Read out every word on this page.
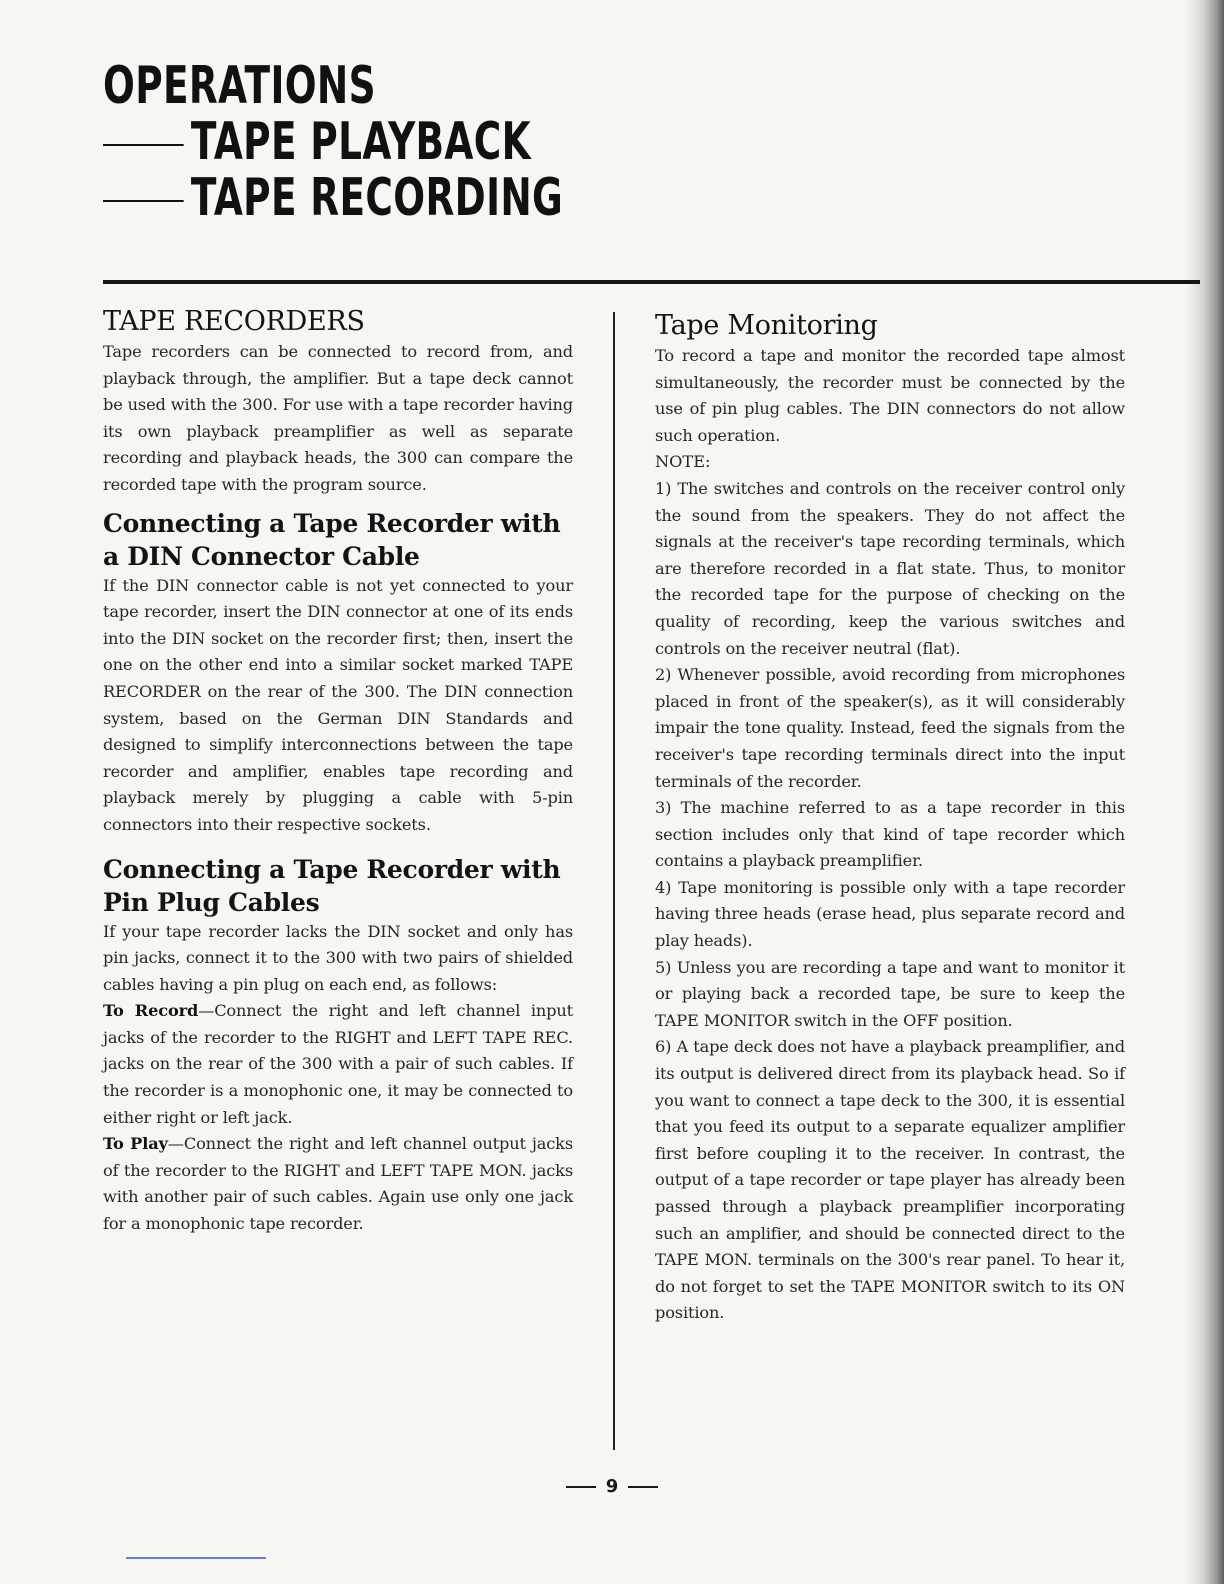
OPERATIONS
TAPE PLAYBACK
TAPE RECORDING
TAPE RECORDERS

Tape recorders can be connected to record from, and playback through, the amplifier. But a tape deck cannot be used with the 300. For use with a tape recorder having its own playback preamplifier as well as separate recording and playback heads, the 300 can compare the recorded tape with the program source.

Connecting a Tape Recorder with a DIN Connector Cable

If the DIN connector cable is not yet connected to your tape recorder, insert the DIN connector at one of its ends into the DIN socket on the recorder first; then, insert the one on the other end into a similar socket marked TAPE RECORDER on the rear of the 300. The DIN connection system, based on the German DIN Standards and designed to simplify interconnections between the tape recorder and amplifier, enables tape recording and playback merely by plugging a cable with 5-pin connectors into their respective sockets.

Connecting a Tape Recorder with Pin Plug Cables

If your tape recorder lacks the DIN socket and only has pin jacks, connect it to the 300 with two pairs of shielded cables having a pin plug on each end, as follows:

To Record—Connect the right and left channel input jacks of the recorder to the RIGHT and LEFT TAPE REC. jacks on the rear of the 300 with a pair of such cables. If the recorder is a monophonic one, it may be connected to either right or left jack.

To Play—Connect the right and left channel output jacks of the recorder to the RIGHT and LEFT TAPE MON. jacks with another pair of such cables. Again use only one jack for a monophonic tape recorder.

Tape Monitoring

To record a tape and monitor the recorded tape almost simultaneously, the recorder must be connected by the use of pin plug cables. The DIN connectors do not allow such operation.

NOTE:

1) The switches and controls on the receiver control only the sound from the speakers. They do not affect the signals at the receiver's tape recording terminals, which are therefore recorded in a flat state. Thus, to monitor the recorded tape for the purpose of checking on the quality of recording, keep the various switches and controls on the receiver neutral (flat).

2) Whenever possible, avoid recording from microphones placed in front of the speaker(s), as it will considerably impair the tone quality. Instead, feed the signals from the receiver's tape recording terminals direct into the input terminals of the recorder.

3) The machine referred to as a tape recorder in this section includes only that kind of tape recorder which contains a playback preamplifier.

4) Tape monitoring is possible only with a tape recorder having three heads (erase head, plus separate record and play heads).

5) Unless you are recording a tape and want to monitor it or playing back a recorded tape, be sure to keep the TAPE MONITOR switch in the OFF position.

6) A tape deck does not have a playback preamplifier, and its output is delivered direct from its playback head. So if you want to connect a tape deck to the 300, it is essential that you feed its output to a separate equalizer amplifier first before coupling it to the receiver. In contrast, the output of a tape recorder or tape player has already been passed through a playback preamplifier incorporating such an amplifier, and should be connected direct to the TAPE MON. terminals on the 300's rear panel. To hear it, do not forget to set the TAPE MONITOR switch to its ON position.

9
